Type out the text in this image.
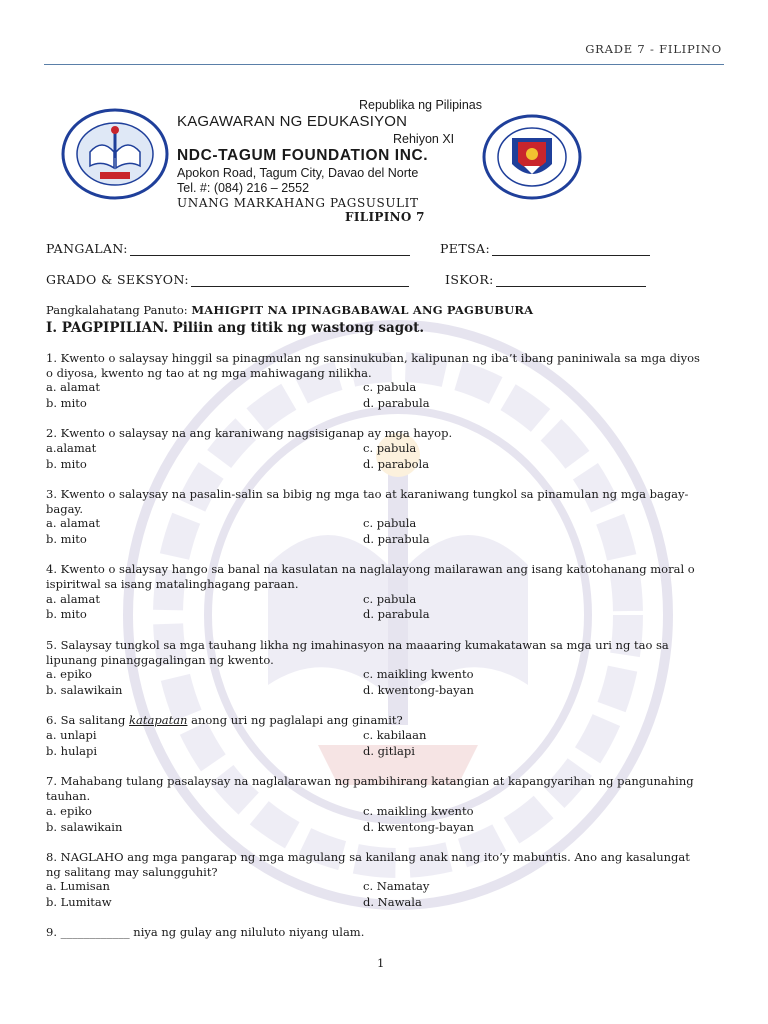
GRADE 7 - FILIPINO
Republika ng Pilipinas
KAGAWARAN NG EDUKASIYON
Rehiyon XI
NDC-TAGUM FOUNDATION INC.
Apokon Road, Tagum City, Davao del Norte
Tel. #: (084) 216 – 2552
UNANG MARKAHANG PAGSUSULIT
FILIPINO 7
PANGALAN:	PETSA:
GRADO & SEKSYON:	ISKOR:
Pangkalahatang Panuto: MAHIGPIT NA IPINAGBABAWAL ANG PAGBUBURA
I. PAGPIPILIAN. Piliin ang titik ng wastong sagot.
1. Kwento o salaysay hinggil sa pinagmulan ng sansinukuban, kalipunan ng iba’t ibang paniniwala sa mga diyos
o diyosa, kwento ng tao at ng mga mahiwagang nilikha.
a. alamat	c. pabula
b. mito	d. parabula
2. Kwento o salaysay na ang karaniwang nagsisiganap ay mga hayop.
a.alamat	c. pabula
b. mito	d. parabola
3. Kwento o salaysay na pasalin-salin sa bibig ng mga tao at karaniwang tungkol sa pinamulan ng mga bagay-
bagay.
a. alamat	c. pabula
b. mito	d. parabula
4. Kwento o salaysay hango sa banal na kasulatan na naglalayong mailarawan ang isang katotohanang moral o
ispiritwal sa isang matalinghagang paraan.
a. alamat	c. pabula
b. mito	d. parabula
5. Salaysay tungkol sa mga tauhang likha ng imahinasyon na maaaring kumakatawan sa mga uri ng tao sa
lipunang pinanggagalingan ng kwento.
a. epiko	c. maikling kwento
b. salawikain	d. kwentong-bayan
6. Sa salitang katapatan anong uri ng paglalapi ang ginamit?
a. unlapi	c. kabilaan
b. hulapi	d. gitlapi
7. Mahabang tulang pasalaysay na naglalarawan ng pambihirang katangian at kapangyarihan ng pangunahing
tauhan.
a. epiko	c. maikling kwento
b. salawikain	d. kwentong-bayan
8. NAGLAHO ang mga pangarap ng mga magulang sa kanilang anak nang ito’y mabuntis. Ano ang kasalungat
ng salitang may salungguhit?
a. Lumisan	c. Namatay
b. Lumitaw	d. Nawala
9. ____________ niya ng gulay ang niluluto niyang ulam.
1
